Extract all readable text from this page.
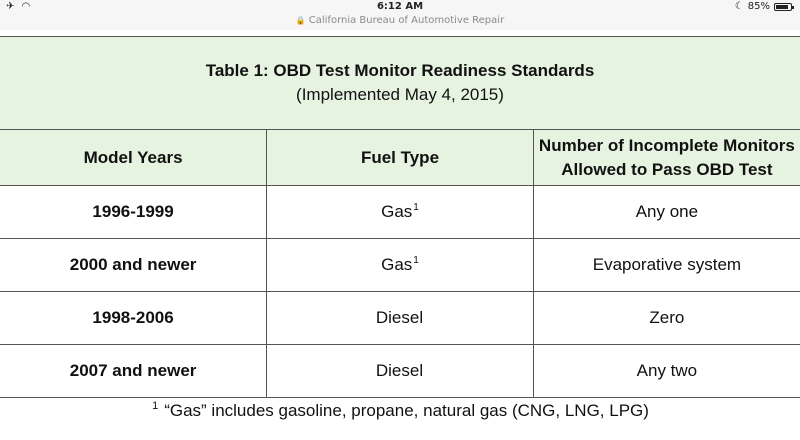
✈ ◠	6:12 AM	☾ 85%
🔒 California Bureau of Automotive Repair
Table 1: OBD Test Monitor Readiness Standards
(Implemented May 4, 2015)		

Model Years	Fuel Type	Number of Incomplete Monitors
Allowed to Pass OBD Test
1996-1999	Gas$^1$	Any one
2000 and newer	Gas$^1$	Evaporative system
1998-2006	Diesel	Zero
2007 and newer	Diesel	Any two
$^1$ “Gas” includes gasoline, propane, natural gas (CNG, LNG, LPG)
